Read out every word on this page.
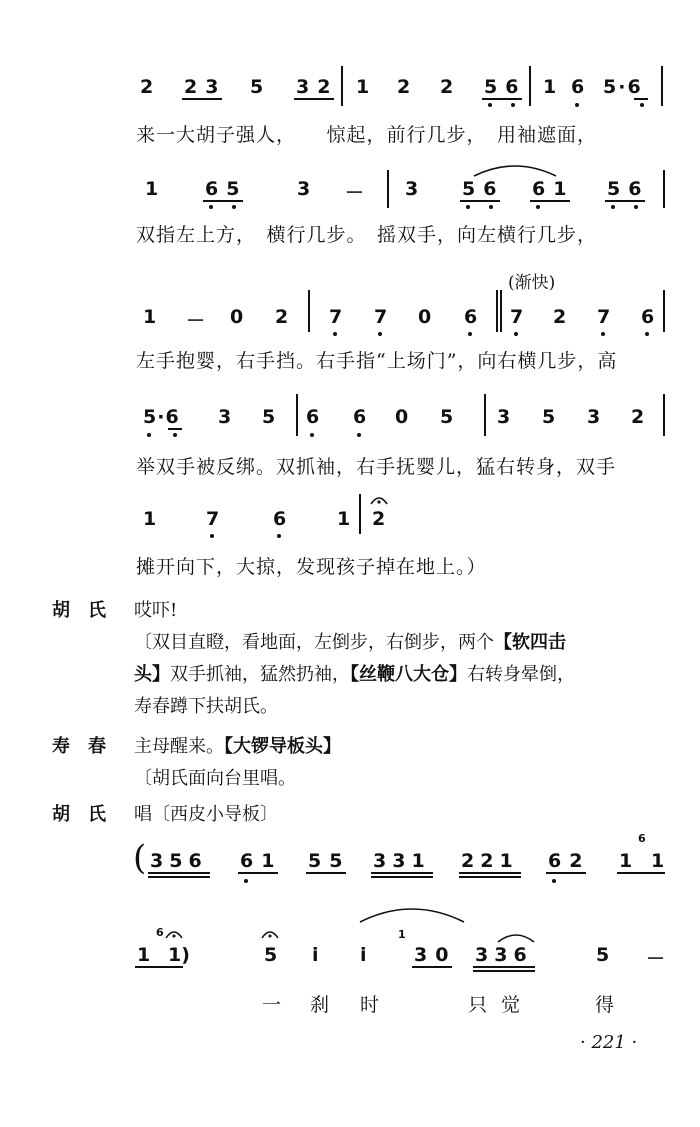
2 23 5 32 1 2 2 56 1 6 5·6
来一大胡子强人，　　惊起，前行几步，　用袖遮面，
1 65	3 － 3 56 61 56
双指左上方，　横行几步。　摇双手，向左横行几步，
(渐快)
1 － 0 2 7 7 0 6 7 2 7 6
左手抱婴，右手挡。右手指“上场门”，向右横几步，高
5·6 3 5 6 6 0 5 3 5 3 2
举双手被反绑。双抓袖，右手抚婴儿，猛右转身，双手
1	7	6	1 2
摊开向下，大掠，发现孩子掉在地上。）
胡　氏 哎吓!
〔双目直瞪，看地面，左倒步，右倒步，两个【软四击
头】双手抓袖，猛然扔袖，【丝鞭八大仓】右转身晕倒，
寿春蹲下扶胡氏。
寿　春 主母醒来。【大锣导板头】
〔胡氏面向台里唱。
胡　氏 唱〔西皮小导板〕
( 356 61 55 331 221 62 1
6
1
1
6
1)	5 i i
1
30 336	5 －
一 刹 时	只觉	得
· 221 ·
